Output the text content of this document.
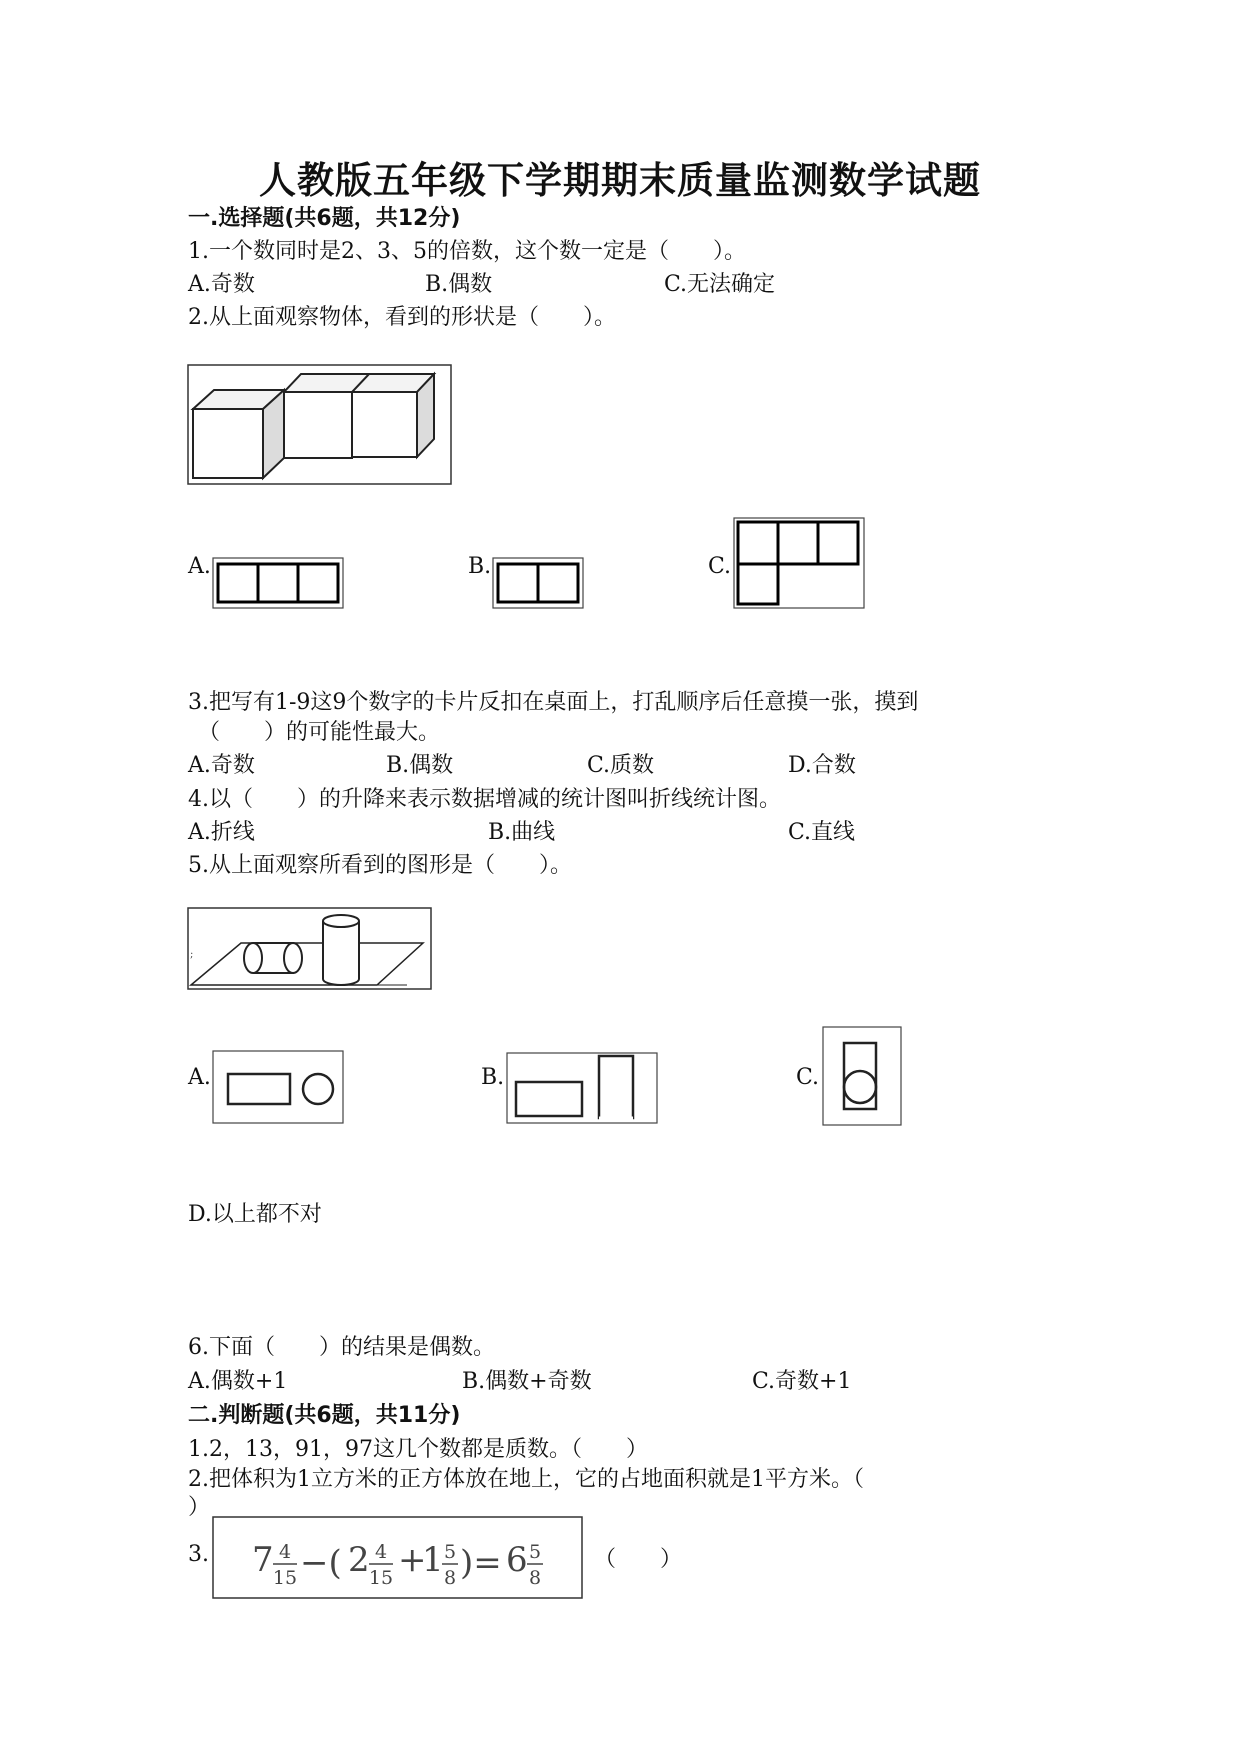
人教版五年级下学期期末质量监测数学试题
一.选择题(共6题，共12分)
1.一个数同时是2、3、5的倍数，这个数一定是（　　）。
A.奇数	B.偶数	C.无法确定
2.从上面观察物体，看到的形状是（　　）。
A.	B.	C.
3.把写有1-9这9个数字的卡片反扣在桌面上，打乱顺序后任意摸一张，摸到
（　　）的可能性最大。
A.奇数	B.偶数	C.质数	D.合数
4.以（　　）的升降来表示数据增减的统计图叫折线统计图。
A.折线	B.曲线	C.直线
5.从上面观察所看到的图形是（　　）。
;
A.	B.	C.
D.以上都不对
6.下面（　　）的结果是偶数。
A.偶数+1	B.偶数+奇数	C.奇数+1
二.判断题(共6题，共11分)
1.2，13，91，97这几个数都是质数。（　　）
2.把体积为1立方米的正方体放在地上，它的占地面积就是1平方米。（
）
3. 7 −( 2 +
1 )= 6
4
15
4
15
5
8
5
8
（　　）
